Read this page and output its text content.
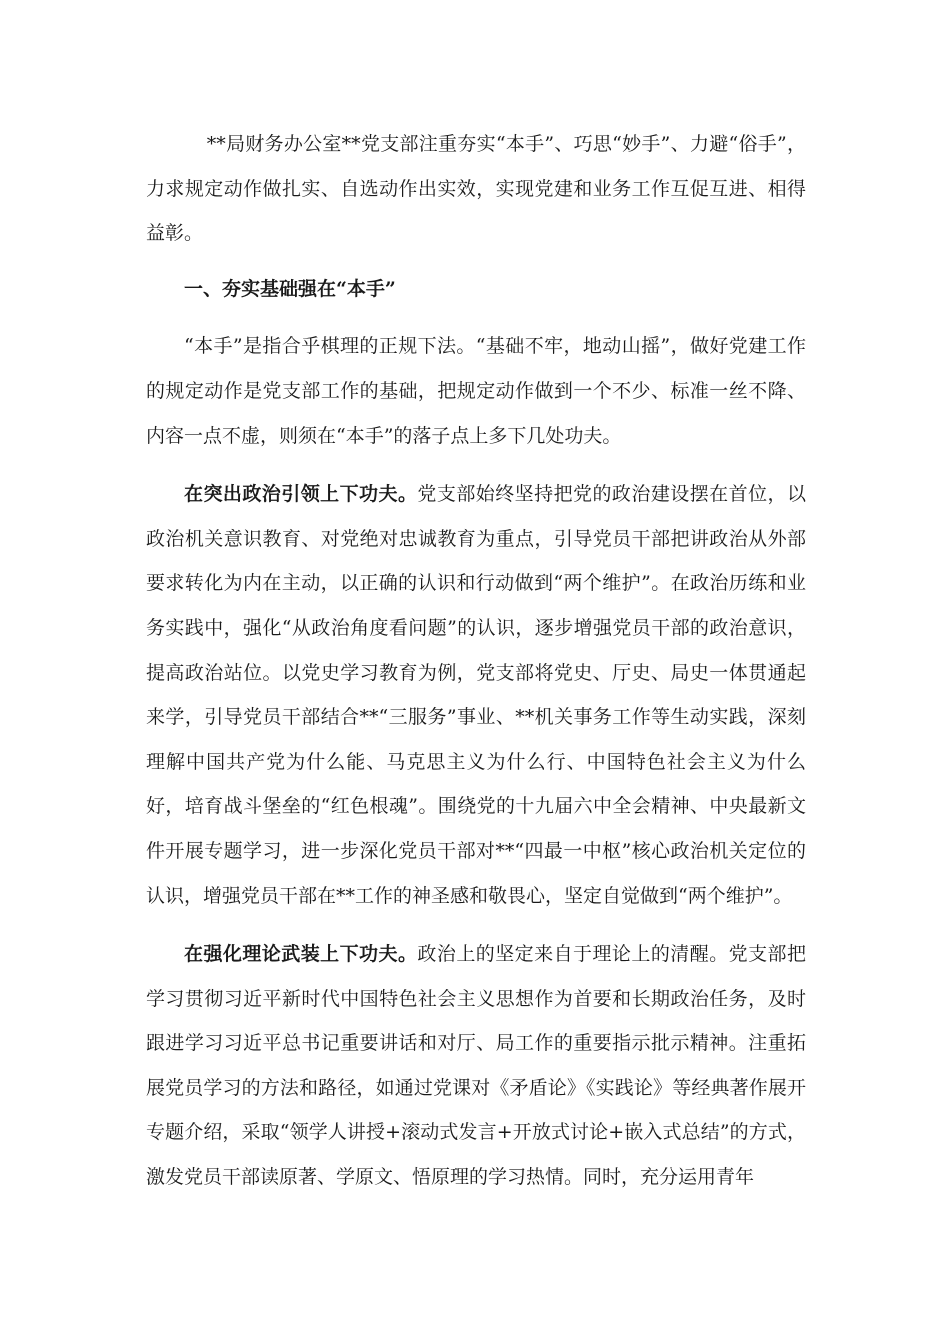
**局财务办公室**党支部注重夯实“本手”、巧思“妙手”、力避“俗手”，力求规定动作做扎实、自选动作出实效，实现党建和业务工作互促互进、相得益彰。

一、夯实基础强在“本手”

“本手”是指合乎棋理的正规下法。“基础不牢，地动山摇”，做好党建工作的规定动作是党支部工作的基础，把规定动作做到一个不少、标准一丝不降、内容一点不虚，则须在“本手”的落子点上多下几处功夫。

在突出政治引领上下功夫。党支部始终坚持把党的政治建设摆在首位，以政治机关意识教育、对党绝对忠诚教育为重点，引导党员干部把讲政治从外部要求转化为内在主动，以正确的认识和行动做到“两个维护”。在政治历练和业务实践中，强化“从政治角度看问题”的认识，逐步增强党员干部的政治意识，提高政治站位。以党史学习教育为例，党支部将党史、厅史、局史一体贯通起来学，引导党员干部结合**“三服务”事业、**机关事务工作等生动实践，深刻理解中国共产党为什么能、马克思主义为什么行、中国特色社会主义为什么好，培育战斗堡垒的“红色根魂”。围绕党的十九届六中全会精神、中央最新文件开展专题学习，进一步深化党员干部对**“四最一中枢”核心政治机关定位的认识，增强党员干部在**工作的神圣感和敬畏心，坚定自觉做到“两个维护”。

在强化理论武装上下功夫。政治上的坚定来自于理论上的清醒。党支部把学习贯彻习近平新时代中国特色社会主义思想作为首要和长期政治任务，及时跟进学习习近平总书记重要讲话和对厅、局工作的重要指示批示精神。注重拓展党员学习的方法和路径，如通过党课对《矛盾论》《实践论》等经典著作展开专题介绍，采取“领学人讲授+滚动式发言+开放式讨论+嵌入式总结”的方式，激发党员干部读原著、学原文、悟原理的学习热情。同时，充分运用青年
